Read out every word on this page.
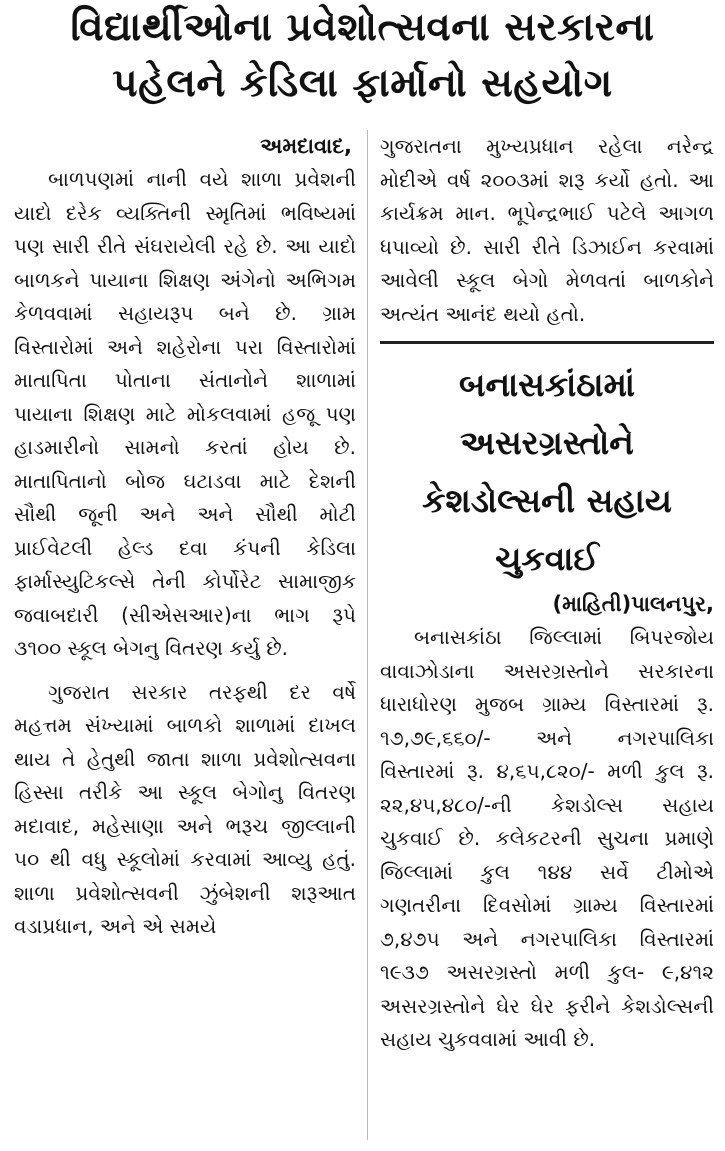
વિદ્યાર્થીઓના પ્રવેશોત્સવના સરકારના
પહેલને કેડિલા ફાર્માનો સહયોગ
અમદાવાદ,

બાળપણમાં નાની વયે શાળા પ્રવેશની યાદો દરેક વ્યક્તિની સ્મૃતિમાં ભવિષ્યમાં પણ સારી રીતે સંઘરાયેલી રહે છે. આ યાદો બાળકને પાયાના શિક્ષણ અંગેનો અભિગમ કેળવવામાં સહાયરૂપ બને છે. ગ્રામ વિસ્તારોમાં અને શહેરોના પરા વિસ્તારોમાં માતાપિતા પોતાના સંતાનોને શાળામાં પાયાના શિક્ષણ માટે મોકલવામાં હજૂ પણ હાડમારીનો સામનો કરતાં હોય છે. માતાપિતાનો બોજ ઘટાડવા માટે દેશની સૌથી જૂની અને અને સૌથી મોટી પ્રાઈવેટલી હેલ્ડ દવા કંપની કેડિલા ફાર્માસ્યુટિકલ્સે તેની કોર્પોરેટ સામાજીક જવાબદારી (સીએસઆર)ના ભાગ રૂપે ૩૧૦૦ સ્કૂલ બેગનુ વિતરણ કર્યુ છે.

ગુજરાત સરકાર તરફથી દર વર્ષે મહત્તમ સંખ્યામાં બાળકો શાળામાં દાખલ થાય તે હેતુથી જાતા શાળા પ્રવેશોત્સવના હિસ્સા તરીકે આ સ્કૂલ બેગોનુ વિતરણ મદાવાદ, મહેસાણા અને ભરૂચ જીલ્લાની ૫૦ થી વધુ સ્કૂલોમાં કરવામાં આવ્યુ હતું. શાળા પ્રવેશોત્સવની ઝુંબેશની શરૂઆત વડાપ્રધાન, અને એ સમયે

ગુજરાતના મુખ્યપ્રધાન રહેલા નરેન્દ્ર મોદીએ વર્ષ ૨૦૦૩માં શરૂ કર્યો હતો. આ કાર્યક્રમ માન. ભૂપેન્દ્રભાઈ પટેલે આગળ ધપાવ્યો છે. સારી રીતે ડિઝાઈન કરવામાં આવેલી સ્કૂલ બેગો મેળવતાં બાળકોને અત્યંત આનંદ થયો હતો.

બનાસકાંઠામાં
અસરગ્રસ્તોને
કેશડોલ્સની સહાય
ચુકવાઈ
(માહિતી)પાલનપુર,

બનાસકાંઠા જિલ્લામાં બિપરજોય વાવાઝોડાના અસરગ્રસ્તોને સરકારના ધારાધોરણ મુજબ ગ્રામ્ય વિસ્તારમાં રૂ. ૧૭,૭૯,૬૬૦/- અને નગરપાલિકા વિસ્તારમાં રૂ. ૪,૬૫,૮૨૦/- મળી કુલ રૂ. ૨૨,૪૫,૪૮૦/-ની કેશડોલ્સ સહાય ચુકવાઈ છે. કલેકટરની સુચના પ્રમાણે જિલ્લામાં કુલ ૧૪૪ સર્વે ટીમોએ ગણતરીના દિવસોમાં ગ્રામ્ય વિસ્તારમાં ૭,૪૭૫ અને નગરપાલિકા વિસ્તારમાં ૧૯૩૭ અસરગ્રસ્તો મળી કુલ- ૯,૪૧૨ અસરગ્રસ્તોને ઘેર ઘેર ફરીને કેશડોલ્સની સહાય ચુકવવામાં આવી છે.
